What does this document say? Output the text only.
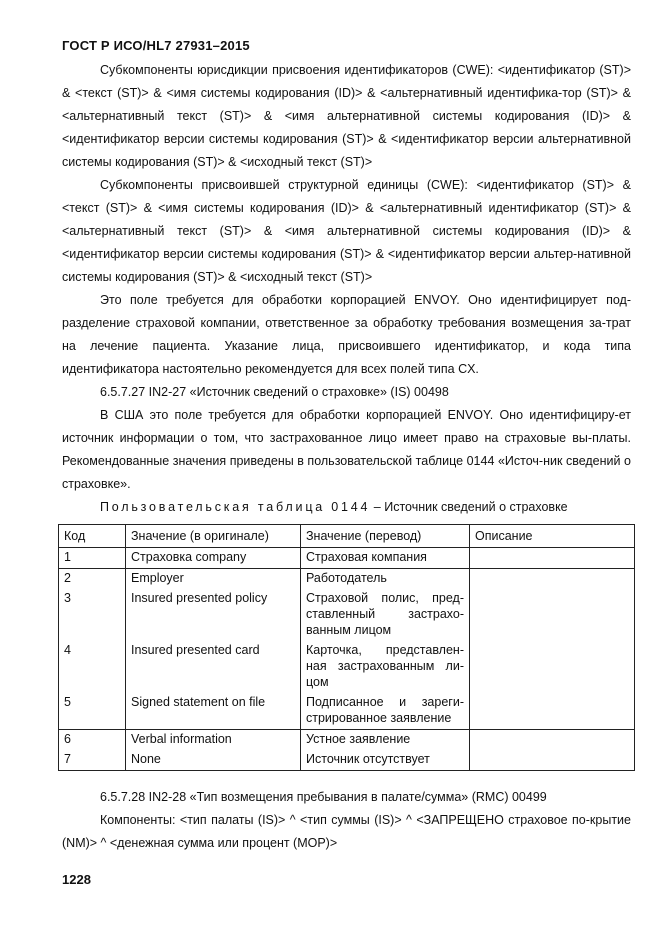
ГОСТ Р ИСО/HL7 27931–2015

Субкомпоненты юрисдикции присвоения идентификаторов (CWE): <идентификатор (ST)> & <текст (ST)> & <имя системы кодирования (ID)> & <альтернативный идентифика-тор (ST)> & <альтернативный текст (ST)> & <имя альтернативной системы кодирования (ID)> & <идентификатор версии системы кодирования (ST)> & <идентификатор версии альтернативной системы кодирования (ST)> & <исходный текст (ST)>

Субкомпоненты присвоившей структурной единицы (CWE): <идентификатор (ST)> & <текст (ST)> & <имя системы кодирования (ID)> & <альтернативный идентификатор (ST)> & <альтернативный текст (ST)> & <имя альтернативной системы кодирования (ID)> & <идентификатор версии системы кодирования (ST)> & <идентификатор версии альтер-нативной системы кодирования (ST)> & <исходный текст (ST)>

Это поле требуется для обработки корпорацией ENVOY. Оно идентифицирует под-разделение страховой компании, ответственное за обработку требования возмещения за-трат на лечение пациента. Указание лица, присвоившего идентификатор, и кода типа идентификатора настоятельно рекомендуется для всех полей типа CX.

6.5.7.27 IN2-27 «Источник сведений о страховке» (IS) 00498

В США это поле требуется для обработки корпорацией ENVOY. Оно идентифициру-ет источник информации о том, что застрахованное лицо имеет право на страховые вы-платы. Рекомендованные значения приведены в пользовательской таблице 0144 «Источ-ник сведений о страховке».

Пользовательская таблица 0144 – Источник сведений о страховке

Код	Значение (в оригинале)	Значение (перевод)	Описание
1	Страховка company	Страховая компания	
2	Employer	Работодатель	
3	Insured presented policy	Страховой полис, пред-ставленный застрахо-ванным лицом	
4	Insured presented card	Карточка, представлен-ная застрахованным ли-цом	
5	Signed statement on file	Подписанное и зареги-стрированное заявление	
6	Verbal information	Устное заявление	
7	None	Источник отсутствует	

6.5.7.28 IN2-28 «Тип возмещения пребывания в палате/сумма» (RMC) 00499

Компоненты: <тип палаты (IS)> ^ <тип суммы (IS)> ^ <ЗАПРЕЩЕНО страховое по-крытие (NM)> ^ <денежная сумма или процент (MOP)>

1228
